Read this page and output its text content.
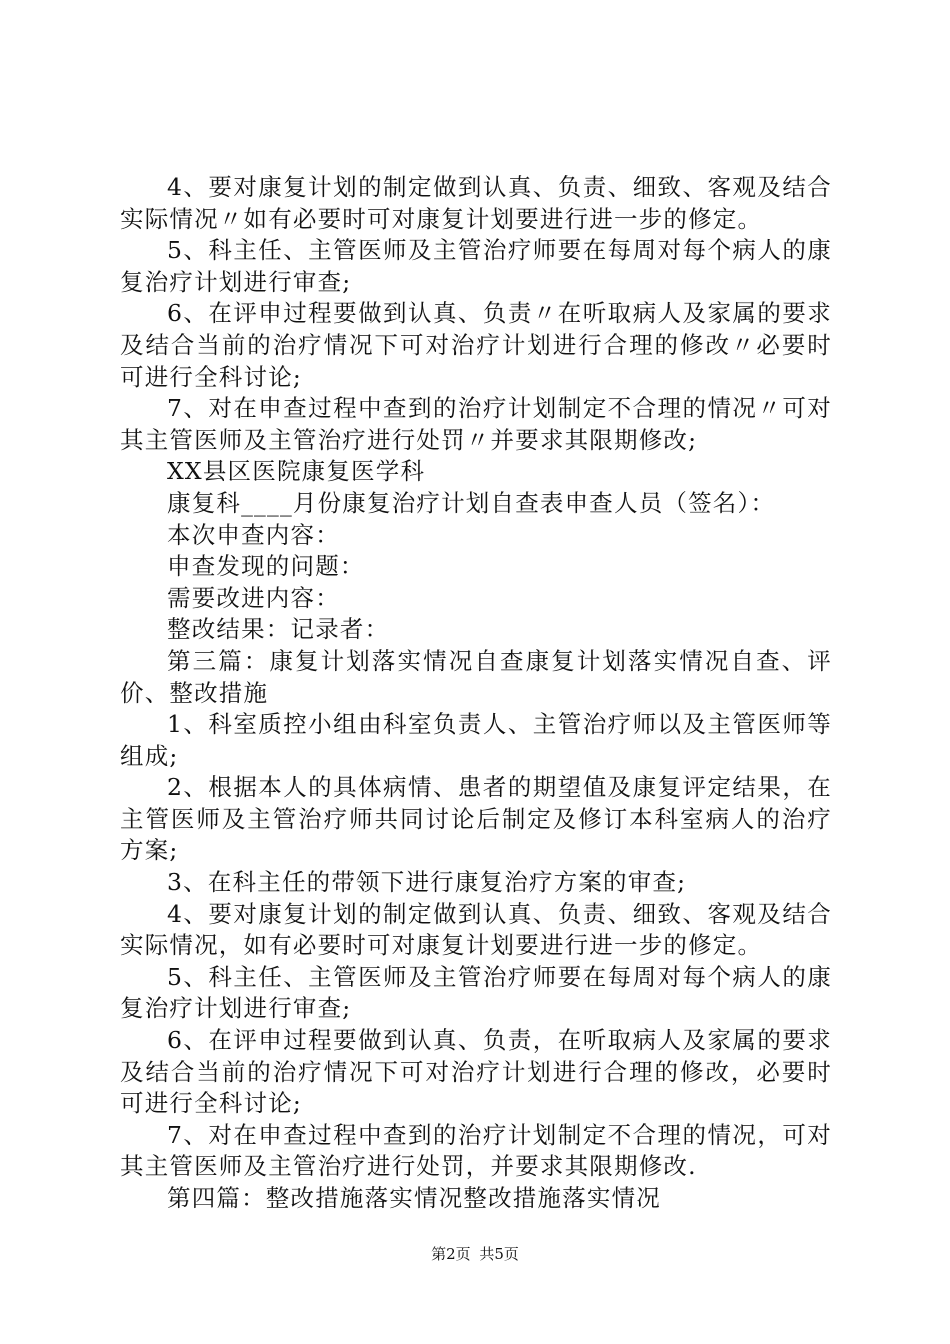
4、要对康复计划的制定做到认真、负责、细致、客观及结合实际情况〃如有必要时可对康复计划要进行进一步的修定。

5、科主任、主管医师及主管治疗师要在每周对每个病人的康复治疗计划进行审查;

6、在评申过程要做到认真、负责〃在听取病人及家属的要求及结合当前的治疗情况下可对治疗计划进行合理的修改〃必要时可进行全科讨论;

7、对在申查过程中查到的治疗计划制定不合理的情况〃可对其主管医师及主管治疗进行处罚〃并要求其限期修改;

XX县区医院康复医学科

康复科____月份康复治疗计划自查表申查人员（签名）：

本次申查内容：

申查发现的问题：

需要改进内容：

整改结果：记录者：

第三篇：康复计划落实情况自查康复计划落实情况自查、评价、整改措施

1、科室质控小组由科室负责人、主管治疗师以及主管医师等组成;

2、根据本人的具体病情、患者的期望值及康复评定结果，在主管医师及主管治疗师共同讨论后制定及修订本科室病人的治疗方案;

3、在科主任的带领下进行康复治疗方案的审查;

4、要对康复计划的制定做到认真、负责、细致、客观及结合实际情况，如有必要时可对康复计划要进行进一步的修定。

5、科主任、主管医师及主管治疗师要在每周对每个病人的康复治疗计划进行审查;

6、在评申过程要做到认真、负责，在听取病人及家属的要求及结合当前的治疗情况下可对治疗计划进行合理的修改，必要时可进行全科讨论;

7、对在申查过程中查到的治疗计划制定不合理的情况，可对其主管医师及主管治疗进行处罚，并要求其限期修改.

第四篇：整改措施落实情况整改措施落实情况

第2页 共5页
